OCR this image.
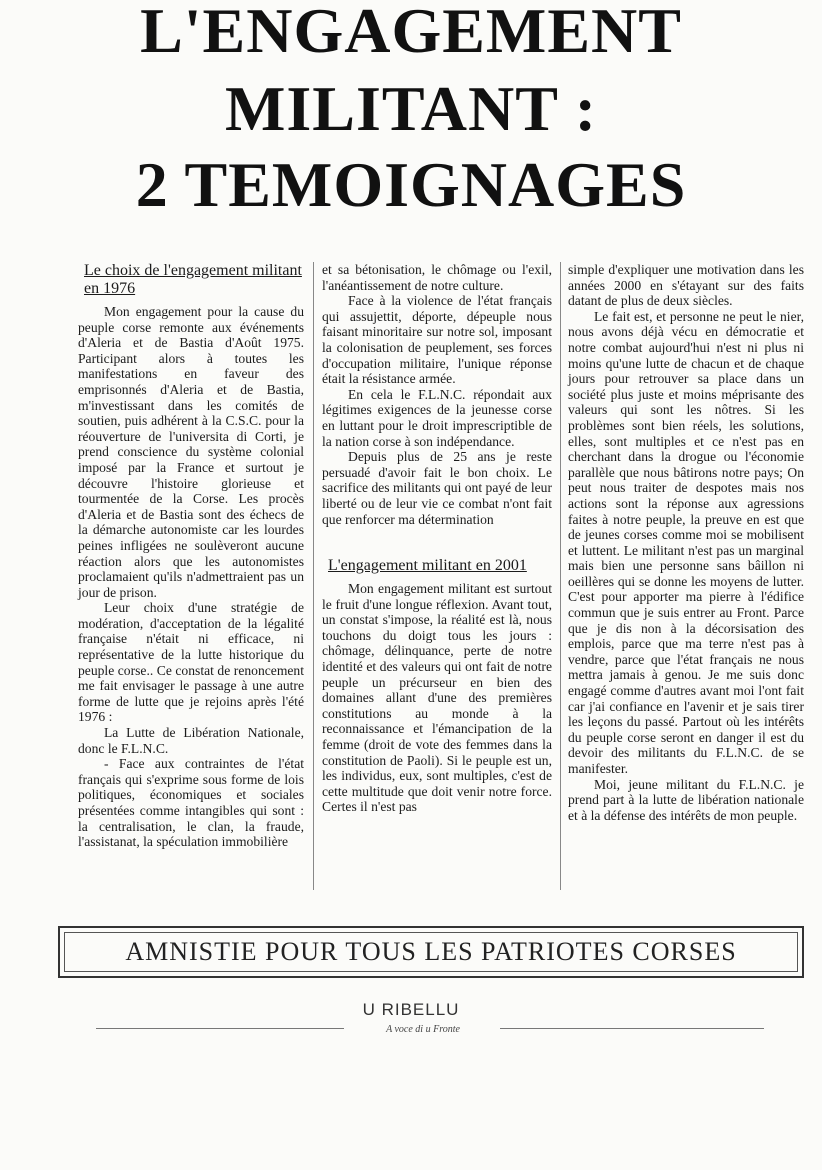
L'ENGAGEMENT
MILITANT :
2 TEMOIGNAGES
Le choix de l'engagement militant en 1976

Mon engagement pour la cause du peuple corse remonte aux événements d'Aleria et de Bastia d'Août 1975. Participant alors à toutes les manifestations en faveur des emprisonnés d'Aleria et de Bastia, m'investissant dans les comités de soutien, puis adhérent à la C.S.C. pour la réouverture de l'universita di Corti, je prend conscience du système colonial imposé par la France et surtout je découvre l'histoire glorieuse et tourmentée de la Corse. Les procès d'Aleria et de Bastia sont des échecs de la démarche autonomiste car les lourdes peines infligées ne soulèveront aucune réaction alors que les autonomistes proclamaient qu'ils n'admettraient pas un jour de prison.

Leur choix d'une stratégie de modération, d'acceptation de la légalité française n'était ni efficace, ni représentative de la lutte historique du peuple corse.. Ce constat de renoncement me fait envisager le passage à une autre forme de lutte que je rejoins après l'été 1976 :

La Lutte de Libération Nationale, donc le F.L.N.C.

- Face aux contraintes de l'état français qui s'exprime sous forme de lois politiques, économiques et sociales présentées comme intangibles qui sont : la centralisation, le clan, la fraude, l'assistanat, la spéculation immobilière

et sa bétonisation, le chômage ou l'exil, l'anéantissement de notre culture.

Face à la violence de l'état français qui assujettit, déporte, dépeuple nous faisant minoritaire sur notre sol, imposant la colonisation de peuplement, ses forces d'occupation militaire, l'unique réponse était la résistance armée.

En cela le F.L.N.C. répondait aux légitimes exigences de la jeunesse corse en luttant pour le droit imprescriptible de la nation corse à son indépendance.

Depuis plus de 25 ans je reste persuadé d'avoir fait le bon choix. Le sacrifice des militants qui ont payé de leur liberté ou de leur vie ce combat n'ont fait que renforcer ma détermination

L'engagement militant en 2001

Mon engagement militant est surtout le fruit d'une longue réflexion. Avant tout, un constat s'impose, la réalité est là, nous touchons du doigt tous les jours : chômage, délinquance, perte de notre identité et des valeurs qui ont fait de notre peuple un précurseur en bien des domaines allant d'une des premières constitutions au monde à la reconnaissance et l'émancipation de la femme (droit de vote des femmes dans la constitution de Paoli). Si le peuple est un, les individus, eux, sont multiples, c'est de cette multitude que doit venir notre force. Certes il n'est pas

simple d'expliquer une motivation dans les années 2000 en s'étayant sur des faits datant de plus de deux siècles.

Le fait est, et personne ne peut le nier, nous avons déjà vécu en démocratie et notre combat aujourd'hui n'est ni plus ni moins qu'une lutte de chacun et de chaque jours pour retrouver sa place dans un société plus juste et moins méprisante des valeurs qui sont les nôtres. Si les problèmes sont bien réels, les solutions, elles, sont multiples et ce n'est pas en cherchant dans la drogue ou l'économie parallèle que nous bâtirons notre pays; On peut nous traiter de despotes mais nos actions sont la réponse aux agressions faites à notre peuple, la preuve en est que de jeunes corses comme moi se mobilisent et luttent. Le militant n'est pas un marginal mais bien une personne sans bâillon ni oeillères qui se donne les moyens de lutter. C'est pour apporter ma pierre à l'édifice commun que je suis entrer au Front. Parce que je dis non à la décorsisation des emplois, parce que ma terre n'est pas à vendre, parce que l'état français ne nous mettra jamais à genou. Je me suis donc engagé comme d'autres avant moi l'ont fait car j'ai confiance en l'avenir et je sais tirer les leçons du passé. Partout où les intérêts du peuple corse seront en danger il est du devoir des militants du F.L.N.C. de se manifester.

Moi, jeune militant du F.L.N.C. je prend part à la lutte de libération nationale et à la défense des intérêts de mon peuple.

AMNISTIE POUR TOUS LES PATRIOTES CORSES
U RIBELLU
A voce di u Fronte
